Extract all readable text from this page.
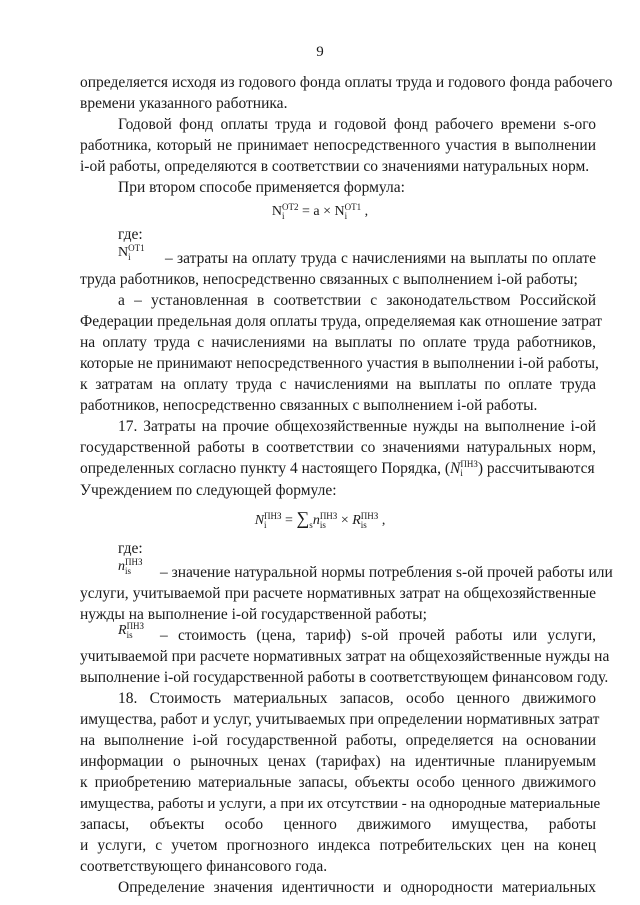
9
определяется исходя из годового фонда оплаты труда и годового фонда рабочего
времени указанного работника.
Годовой фонд оплаты труда и годовой фонд рабочего времени s-ого
работника, который не принимает непосредственного участия в выполнении
i-ой работы, определяются в соответствии со значениями натуральных норм.
При втором способе применяется формула:
NОТ2
i = a × NОТ1
i ,
где:
NОТ1
i	– затраты на оплату труда с начислениями на выплаты по оплате
труда работников, непосредственно связанных с выполнением i-ой работы;
a – установленная в соответствии с законодательством Российской
Федерации предельная доля оплаты труда, определяемая как отношение затрат
на оплату труда с начислениями на выплаты по оплате труда работников,
которые не принимают непосредственного участия в выполнении i-ой работы,
к затратам на оплату труда с начислениями на выплаты по оплате труда
работников, непосредственно связанных с выполнением i-ой работы.
17. Затраты на прочие общехозяйственные нужды на выполнение i-ой
государственной работы в соответствии со значениями натуральных норм,
определенных согласно пункту 4 настоящего Порядка, (NПНЗ
i ) рассчитываются
Учреждением по следующей формуле:
NПНЗ
$i = \sum_snПНЗ$
is × RПНЗ
is ,
где:
nПНЗ
is	– значение натуральной нормы потребления s-ой прочей работы или
услуги, учитываемой при расчете нормативных затрат на общехозяйственные
нужды на выполнение i-ой государственной работы;
RПНЗ
is	– стоимость (цена, тариф) s-ой прочей работы или услуги,
учитываемой при расчете нормативных затрат на общехозяйственные нужды на
выполнение i-ой государственной работы в соответствующем финансовом году.
18. Стоимость материальных запасов, особо ценного движимого
имущества, работ и услуг, учитываемых при определении нормативных затрат
на выполнение i-ой государственной работы, определяется на основании
информации о рыночных ценах (тарифах) на идентичные планируемым
к приобретению материальные запасы, объекты особо ценного движимого
имущества, работы и услуги, а при их отсутствии - на однородные материальные
запасы, объекты особо ценного движимого имущества, работы
и услуги, с учетом прогнозного индекса потребительских цен на конец
соответствующего финансового года.
Определение значения идентичности и однородности материальных
